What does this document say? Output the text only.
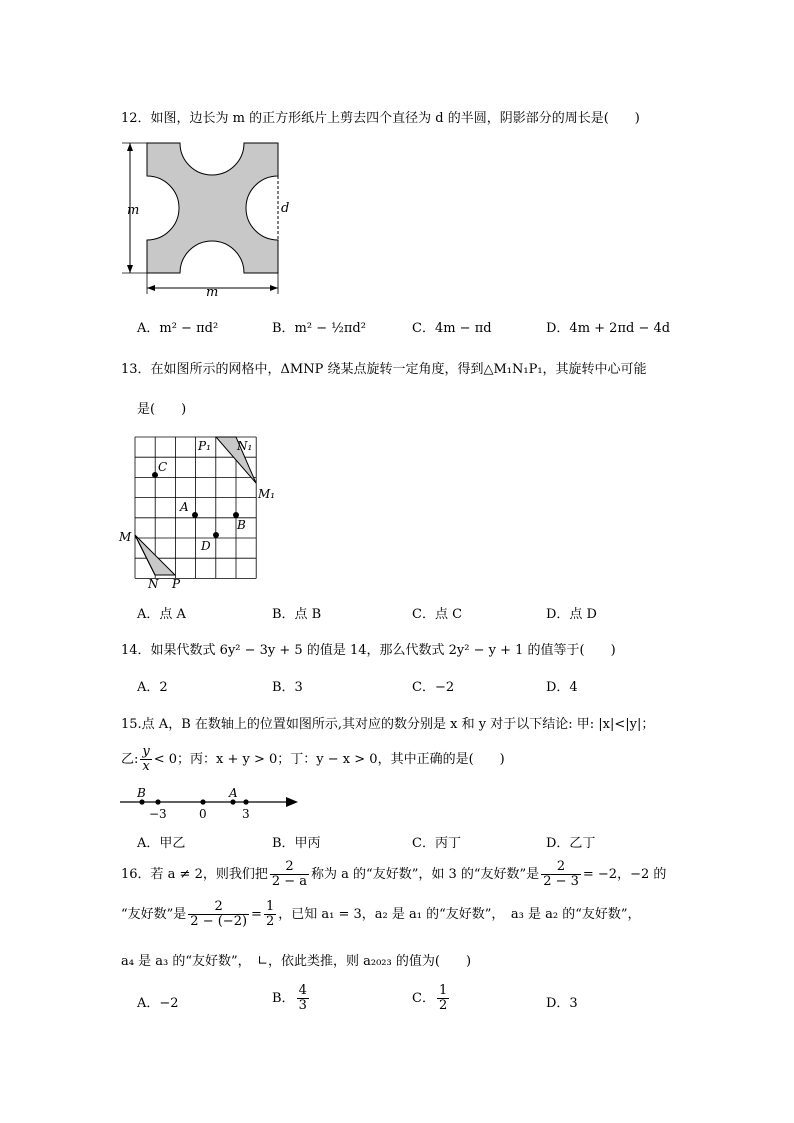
12．如图，边长为 m 的正方形纸片上剪去四个直径为 d 的半圆，阴影部分的周长是(　　)
m
m
d
A．m² − πd²	B．m² − ½πd²	C．4m − πd	D．4m + 2πd − 4d
13．在如图所示的网格中，ΔMNP 绕某点旋转一定角度，得到△M₁N₁P₁，其旋转中心可能
是(　　)
C
A
B
D
P₁ N₁
M₁
M
N P
A．点 A	B．点 B	C．点 C	D．点 D
14．如果代数式 6y² − 3y + 5 的值是 14，那么代数式 2y² − y + 1 的值等于(　　)
A．2	B．3	C．−2	D．4
15.点 A，B 在数轴上的位置如图所示,其对应的数分别是 x 和 y 对于以下结论: 甲: |x|<|y|；
乙: $\frac{y}{x} < 0$；丙：x + y > 0；丁：y − x > 0，其中正确的是(　　)
B	A
−3	0	3
A．甲乙	B．甲丙	C．丙丁	D．乙丁
16．若 a ≠ 2，则我们把 $\frac{2}{2 - a}$ 称为 a 的“友好数”，如 3 的“友好数”是 $\frac{2}{2 - 3} = -2$，−2 的
“友好数”是 $\frac{2}{2 - (-2)} = \frac{1}{2}$ ，已知 a₁ = 3，a₂ 是 a₁ 的“友好数”，　a₃ 是 a₂ 的“友好数”，
a₄ 是 a₃ 的“友好数”，　∟，依此类推，则 a₂₀₂₃ 的值为(　　)
A．−2	B． $\frac{4}{3}$	C． $\frac{1}{2}$	D．3
